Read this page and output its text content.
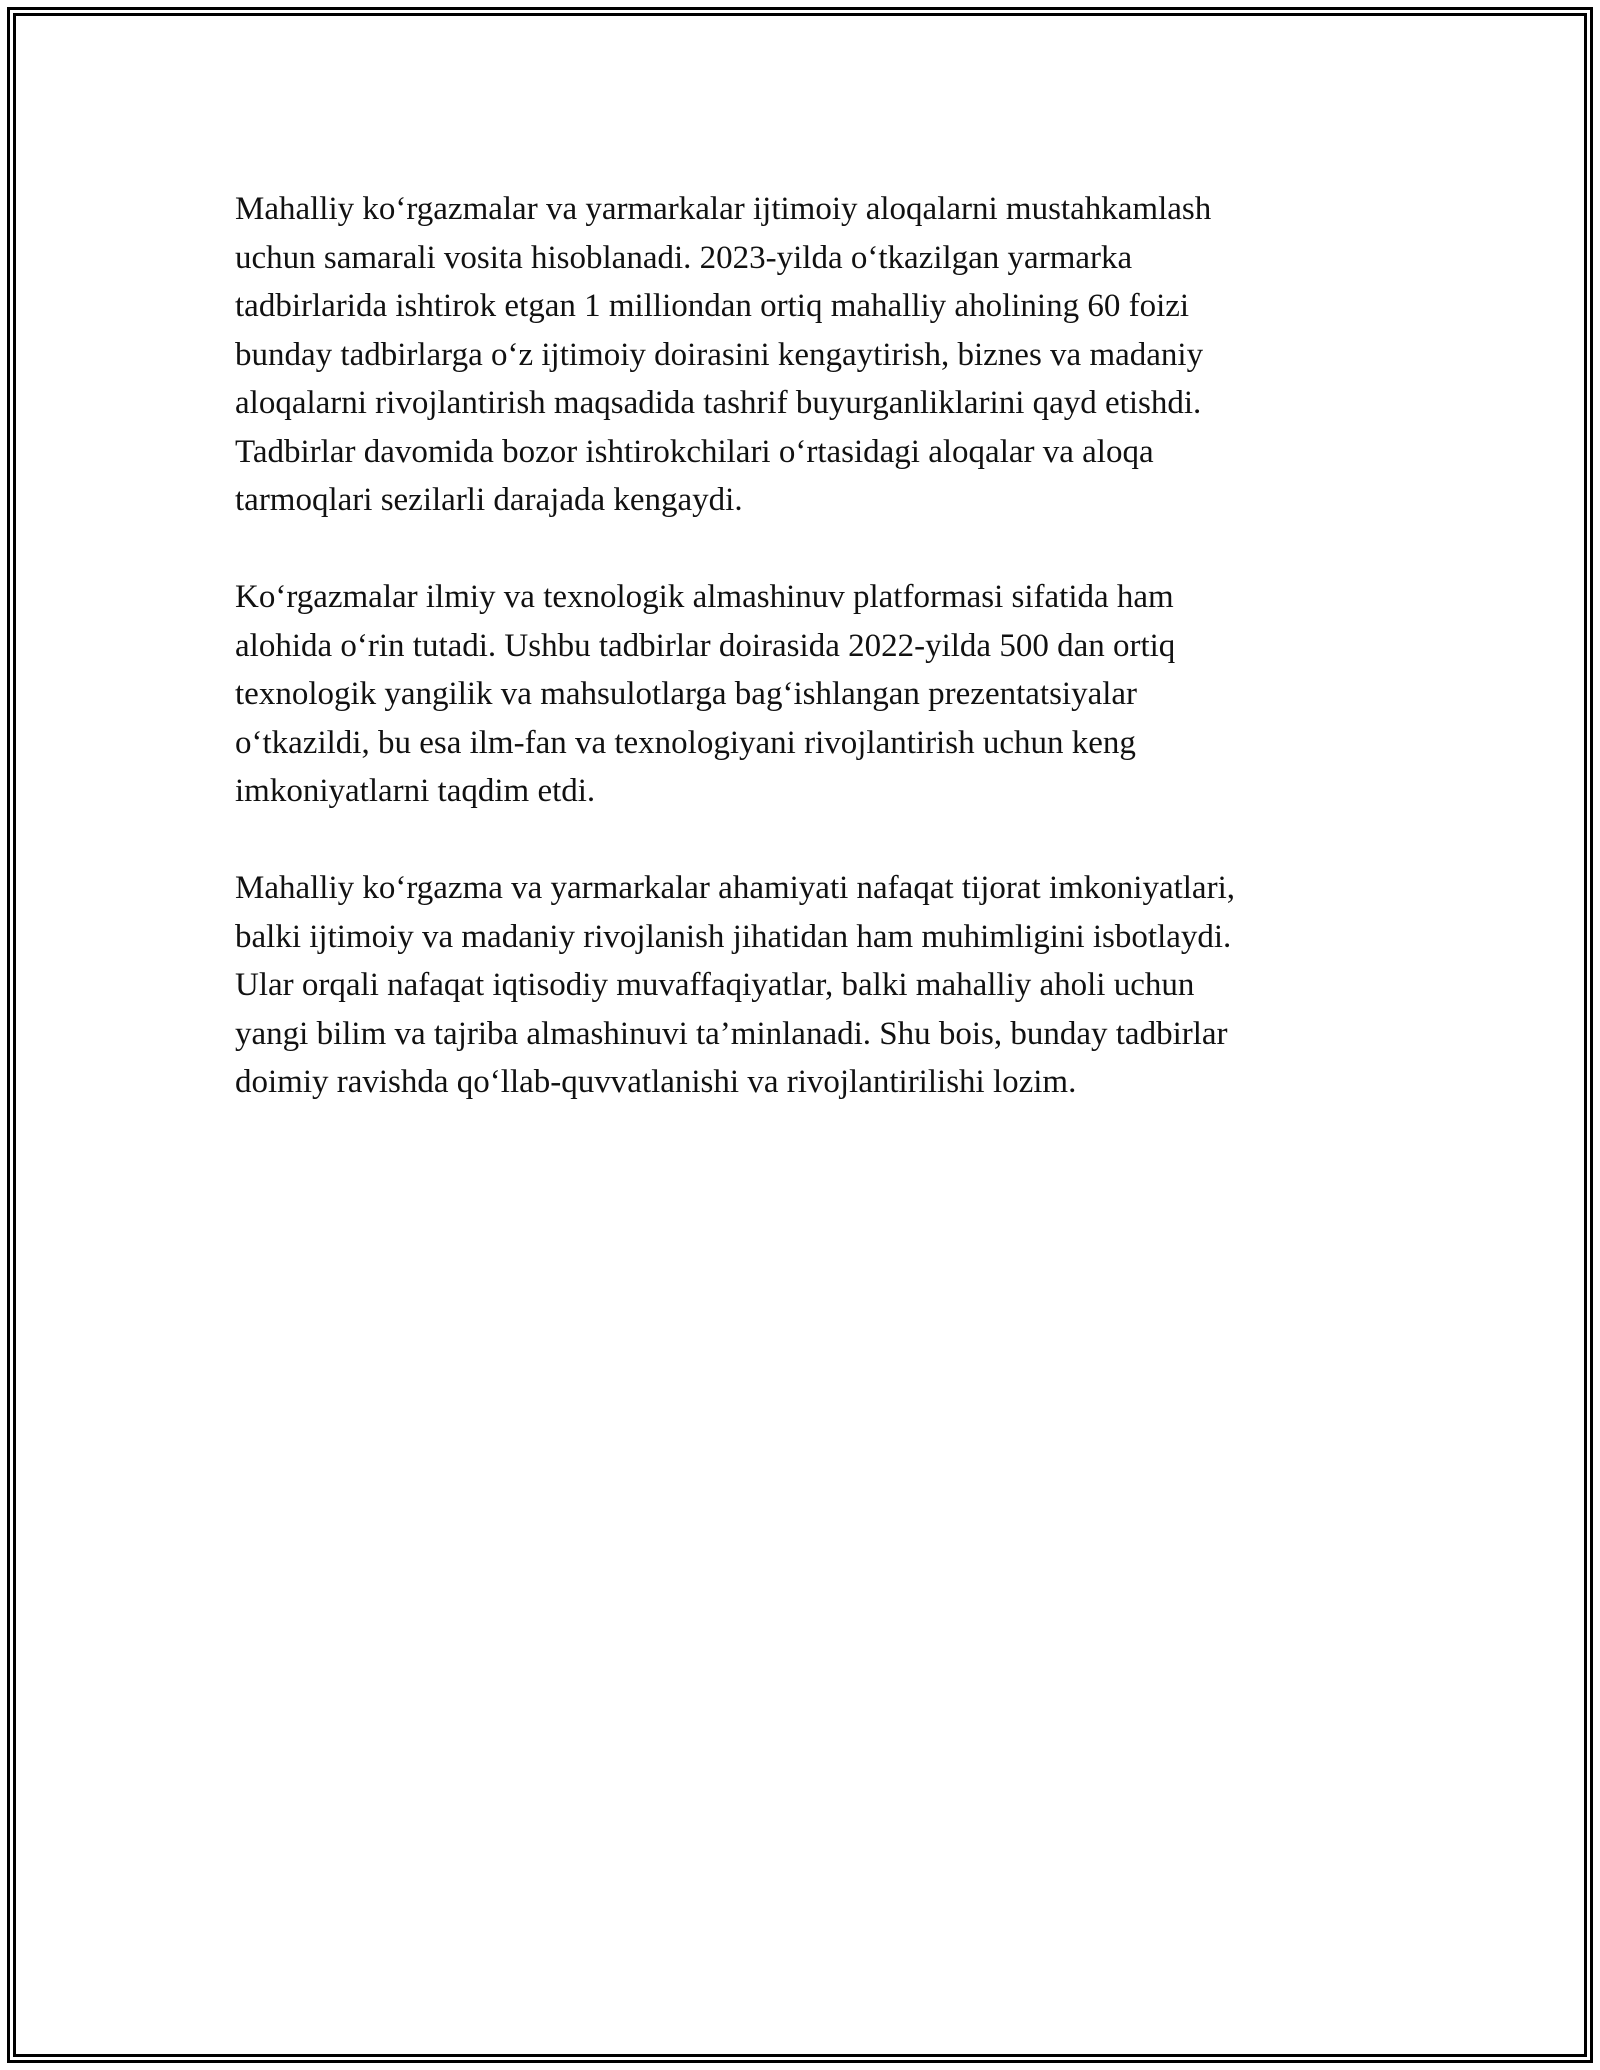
Mahalliy koʻrgazmalar va yarmarkalar ijtimoiy aloqalarni mustahkamlash
uchun samarali vosita hisoblanadi. 2023-yilda oʻtkazilgan yarmarka
tadbirlarida ishtirok etgan 1 milliondan ortiq mahalliy aholining 60 foizi
bunday tadbirlarga oʻz ijtimoiy doirasini kengaytirish, biznes va madaniy
aloqalarni rivojlantirish maqsadida tashrif buyurganliklarini qayd etishdi.
Tadbirlar davomida bozor ishtirokchilari oʻrtasidagi aloqalar va aloqa
tarmoqlari sezilarli darajada kengaydi.

Koʻrgazmalar ilmiy va texnologik almashinuv platformasi sifatida ham
alohida oʻrin tutadi. Ushbu tadbirlar doirasida 2022-yilda 500 dan ortiq
texnologik yangilik va mahsulotlarga bagʻishlangan prezentatsiyalar
oʻtkazildi, bu esa ilm-fan va texnologiyani rivojlantirish uchun keng
imkoniyatlarni taqdim etdi.

Mahalliy koʻrgazma va yarmarkalar ahamiyati nafaqat tijorat imkoniyatlari,
balki ijtimoiy va madaniy rivojlanish jihatidan ham muhimligini isbotlaydi.
Ular orqali nafaqat iqtisodiy muvaffaqiyatlar, balki mahalliy aholi uchun
yangi bilim va tajriba almashinuvi ta’minlanadi. Shu bois, bunday tadbirlar
doimiy ravishda qoʻllab-quvvatlanishi va rivojlantirilishi lozim.
